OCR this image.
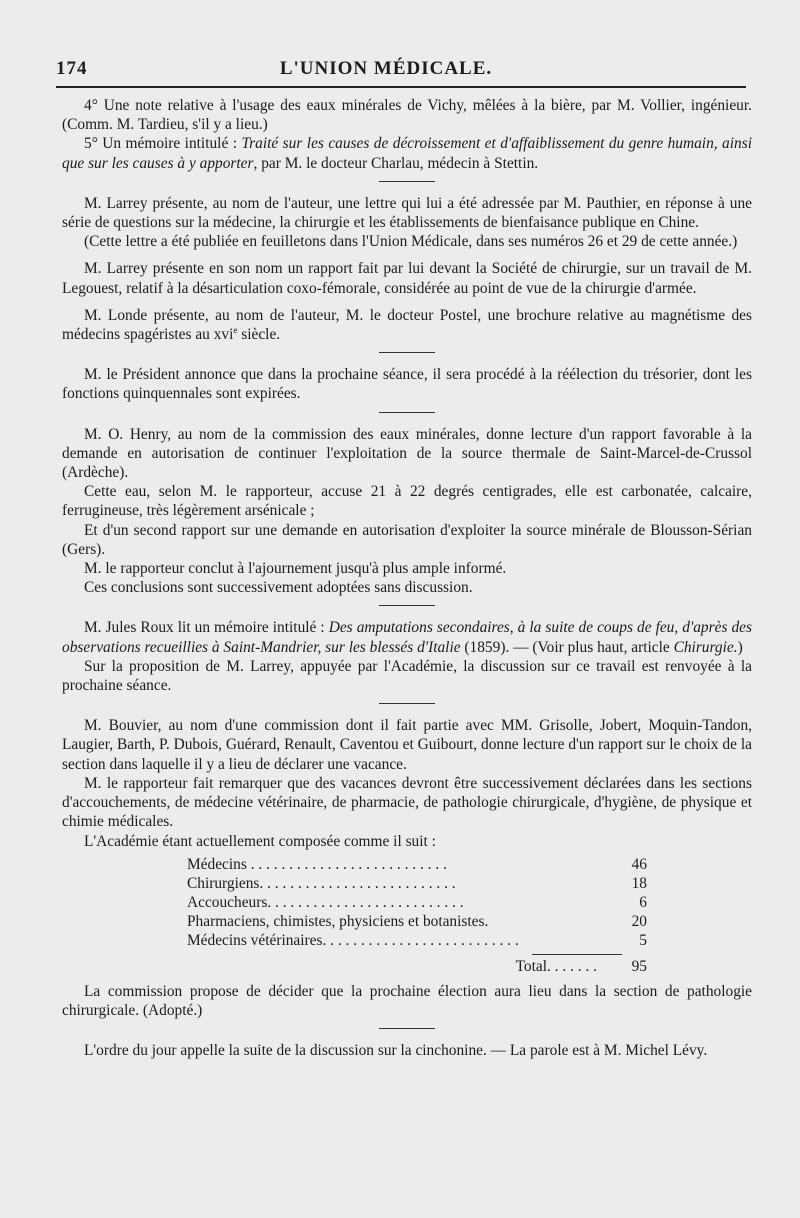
174	L'UNION MÉDICALE.

4° Une note relative à l'usage des eaux minérales de Vichy, mêlées à la bière, par M. Vollier, ingénieur. (Comm. M. Tardieu, s'il y a lieu.)

5° Un mémoire intitulé : Traité sur les causes de décroissement et d'affaiblissement du genre humain, ainsi que sur les causes à y apporter, par M. le docteur Charlau, médecin à Stettin.

M. Larrey présente, au nom de l'auteur, une lettre qui lui a été adressée par M. Pauthier, en réponse à une série de questions sur la médecine, la chirurgie et les établissements de bienfaisance publique en Chine.

(Cette lettre a été publiée en feuilletons dans l'Union Médicale, dans ses numéros 26 et 29 de cette année.)

M. Larrey présente en son nom un rapport fait par lui devant la Société de chirurgie, sur un travail de M. Legouest, relatif à la désarticulation coxo-fémorale, considérée au point de vue de la chirurgie d'armée.

M. Londe présente, au nom de l'auteur, M. le docteur Postel, une brochure relative au magnétisme des médecins spagéristes au xvi$^e$ siècle.

M. le Président annonce que dans la prochaine séance, il sera procédé à la réélection du trésorier, dont les fonctions quinquennales sont expirées.

M. O. Henry, au nom de la commission des eaux minérales, donne lecture d'un rapport favorable à la demande en autorisation de continuer l'exploitation de la source thermale de Saint-Marcel-de-Crussol (Ardèche).

Cette eau, selon M. le rapporteur, accuse 21 à 22 degrés centigrades, elle est carbonatée, calcaire, ferrugineuse, très légèrement arsénicale ;

Et d'un second rapport sur une demande en autorisation d'exploiter la source minérale de Blousson-Sérian (Gers).

M. le rapporteur conclut à l'ajournement jusqu'à plus ample informé.

Ces conclusions sont successivement adoptées sans discussion.

M. Jules Roux lit un mémoire intitulé : Des amputations secondaires, à la suite de coups de feu, d'après des observations recueillies à Saint-Mandrier, sur les blessés d'Italie (1859). — (Voir plus haut, article Chirurgie.)

Sur la proposition de M. Larrey, appuyée par l'Académie, la discussion sur ce travail est renvoyée à la prochaine séance.

M. Bouvier, au nom d'une commission dont il fait partie avec MM. Grisolle, Jobert, Moquin-Tandon, Laugier, Barth, P. Dubois, Guérard, Renault, Caventou et Guibourt, donne lecture d'un rapport sur le choix de la section dans laquelle il y a lieu de déclarer une vacance.

M. le rapporteur fait remarquer que des vacances devront être successivement déclarées dans les sections d'accouchements, de médecine vétérinaire, de pharmacie, de pathologie chirurgicale, d'hygiène, de physique et chimie médicales.

L'Académie étant actuellement composée comme il suit :

Médecins . . . . . . . . . . . . . . . . . . . . . . . . . .	46
Chirurgiens. . . . . . . . . . . . . . . . . . . . . . . . . .	18
Accoucheurs. . . . . . . . . . . . . . . . . . . . . . . . . .	6
Pharmaciens, chimistes, physiciens et botanistes.	20
Médecins vétérinaires. . . . . . . . . . . . . . . . . . . . . . . . . .	5
Total. . . . . . .	95

La commission propose de décider que la prochaine élection aura lieu dans la section de pathologie chirurgicale. (Adopté.)

L'ordre du jour appelle la suite de la discussion sur la cinchonine. — La parole est à M. Michel Lévy.
